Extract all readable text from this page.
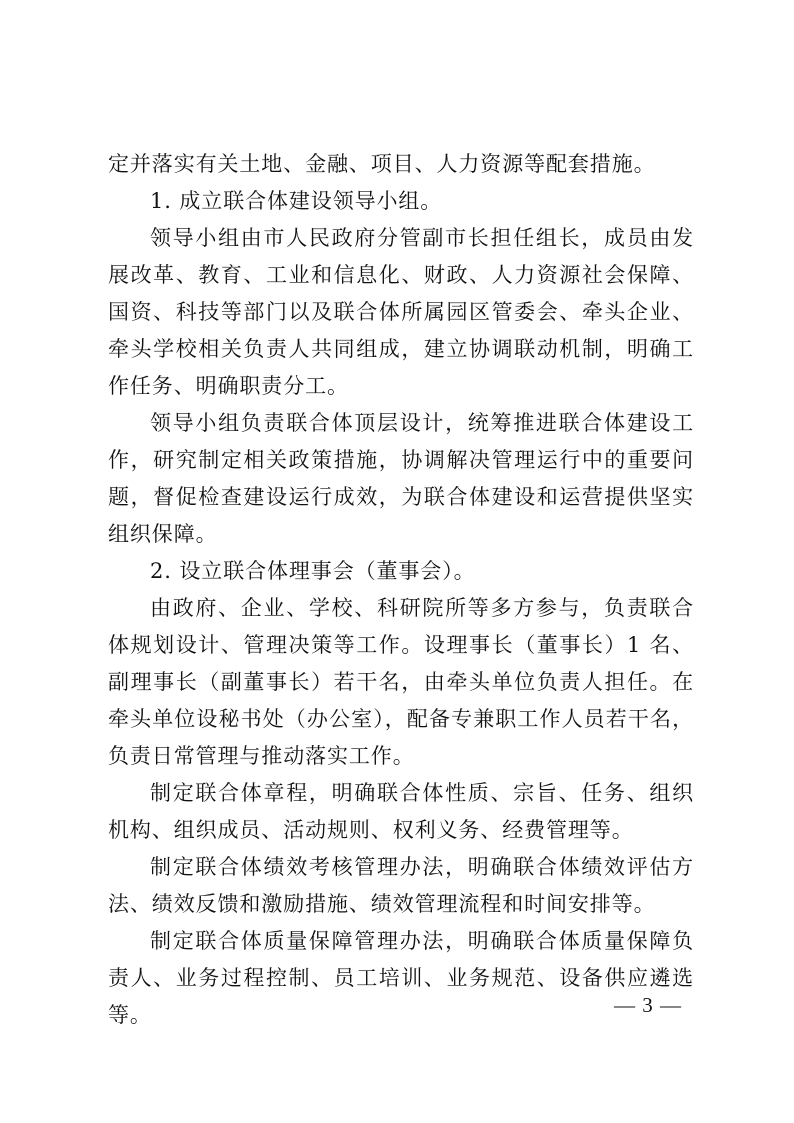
定并落实有关土地、金融、项目、人力资源等配套措施。

1. 成立联合体建设领导小组。

领导小组由市人民政府分管副市长担任组长，成员由发展改革、教育、工业和信息化、财政、人力资源社会保障、国资、科技等部门以及联合体所属园区管委会、牵头企业、牵头学校相关负责人共同组成，建立协调联动机制，明确工作任务、明确职责分工。

领导小组负责联合体顶层设计，统筹推进联合体建设工作，研究制定相关政策措施，协调解决管理运行中的重要问题，督促检查建设运行成效，为联合体建设和运营提供坚实组织保障。

2. 设立联合体理事会（董事会）。

由政府、企业、学校、科研院所等多方参与，负责联合体规划设计、管理决策等工作。设理事长（董事长）1 名、副理事长（副董事长）若干名，由牵头单位负责人担任。在牵头单位设秘书处（办公室），配备专兼职工作人员若干名，负责日常管理与推动落实工作。

制定联合体章程，明确联合体性质、宗旨、任务、组织机构、组织成员、活动规则、权利义务、经费管理等。

制定联合体绩效考核管理办法，明确联合体绩效评估方法、绩效反馈和激励措施、绩效管理流程和时间安排等。

制定联合体质量保障管理办法，明确联合体质量保障负责人、业务过程控制、员工培训、业务规范、设备供应遴选等。	— 3 —
